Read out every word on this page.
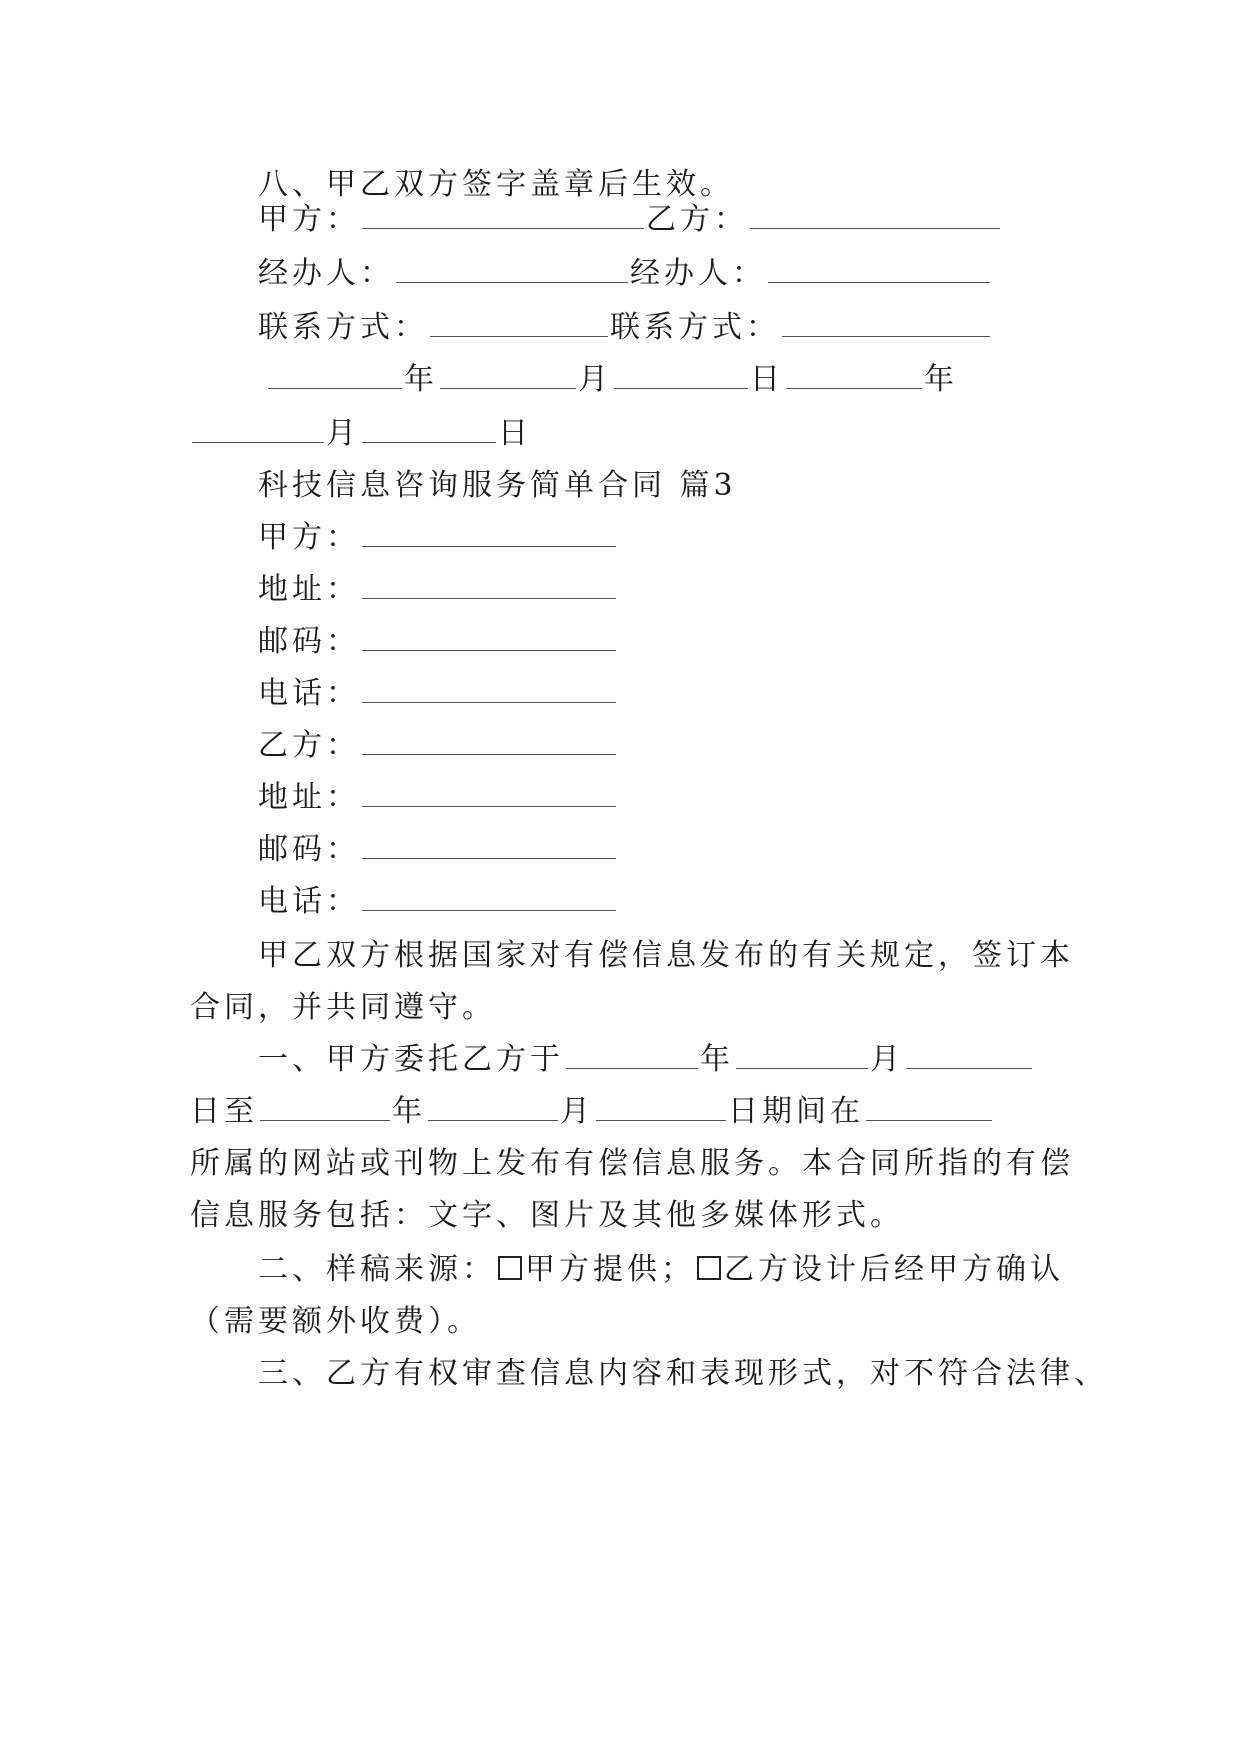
八、甲乙双方签字盖章后生效。
甲方：	乙方：
经办人：	经办人：
联系方式：	联系方式：
年	月	日	年
月	日
科技信息咨询服务简单合同 篇3
甲方：
地址：
邮码：
电话：
乙方：
地址：
邮码：
电话：
甲乙双方根据国家对有偿信息发布的有关规定，签订本
合同，并共同遵守。
一、甲方委托乙方于	年	月
日至	年	月	日期间在
所属的网站或刊物上发布有偿信息服务。本合同所指的有偿
信息服务包括：文字、图片及其他多媒体形式。
二、样稿来源： 甲方提供； 乙方设计后经甲方确认
（需要额外收费）。
三、乙方有权审查信息内容和表现形式，对不符合法律、
